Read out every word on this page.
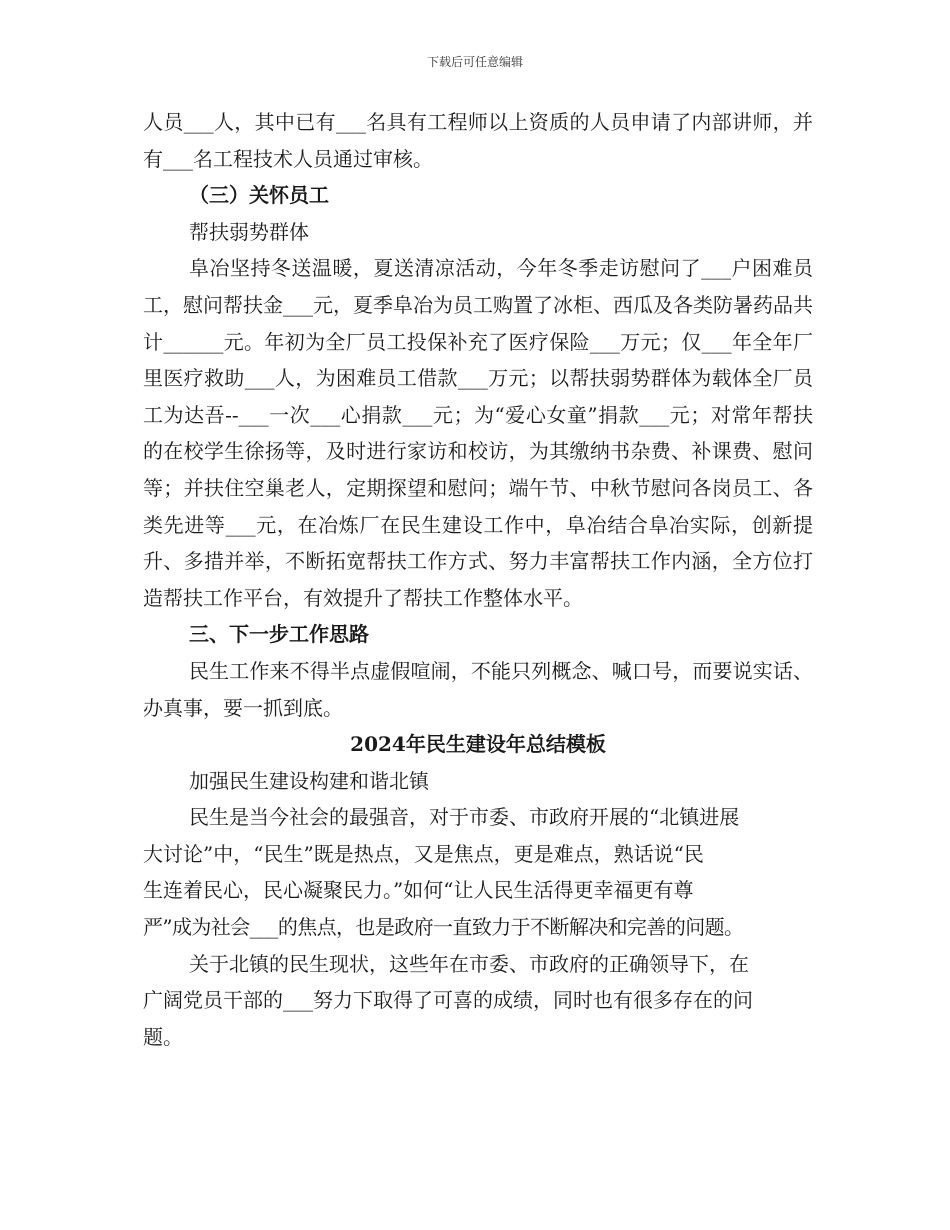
下载后可任意编辑

人员___人，其中已有___名具有工程师以上资质的人员申请了内部讲师，并有___名工程技术人员通过审核。

（三）关怀员工

帮扶弱势群体

阜冶坚持冬送温暖，夏送清凉活动，今年冬季走访慰问了___户困难员工，慰问帮扶金___元，夏季阜冶为员工购置了冰柜、西瓜及各类防暑药品共计______元。年初为全厂员工投保补充了医疗保险___万元；仅___年全年厂里医疗救助___人，为困难员工借款___万元；以帮扶弱势群体为载体全厂员工为达吾--___一次___心捐款___元；为“爱心女童”捐款___元；对常年帮扶的在校学生徐扬等，及时进行家访和校访，为其缴纳书杂费、补课费、慰问等；并扶住空巢老人，定期探望和慰问；端午节、中秋节慰问各岗员工、各类先进等___元，在冶炼厂在民生建设工作中，阜冶结合阜冶实际，创新提升、多措并举，不断拓宽帮扶工作方式、努力丰富帮扶工作内涵，全方位打造帮扶工作平台，有效提升了帮扶工作整体水平。

三、下一步工作思路

民生工作来不得半点虚假喧闹，不能只列概念、喊口号，而要说实话、办真事，要一抓到底。

2024年民生建设年总结模板

加强民生建设构建和谐北镇

民生是当今社会的最强音，对于市委、市政府开展的“北镇进展

大讨论”中，“民生”既是热点，又是焦点，更是难点，熟话说“民

生连着民心，民心凝聚民力。”如何“让人民生活得更幸福更有尊

严”成为社会___的焦点，也是政府一直致力于不断解决和完善的问题。

关于北镇的民生现状，这些年在市委、市政府的正确领导下，在

广阔党员干部的___努力下取得了可喜的成绩，同时也有很多存在的问

题。
